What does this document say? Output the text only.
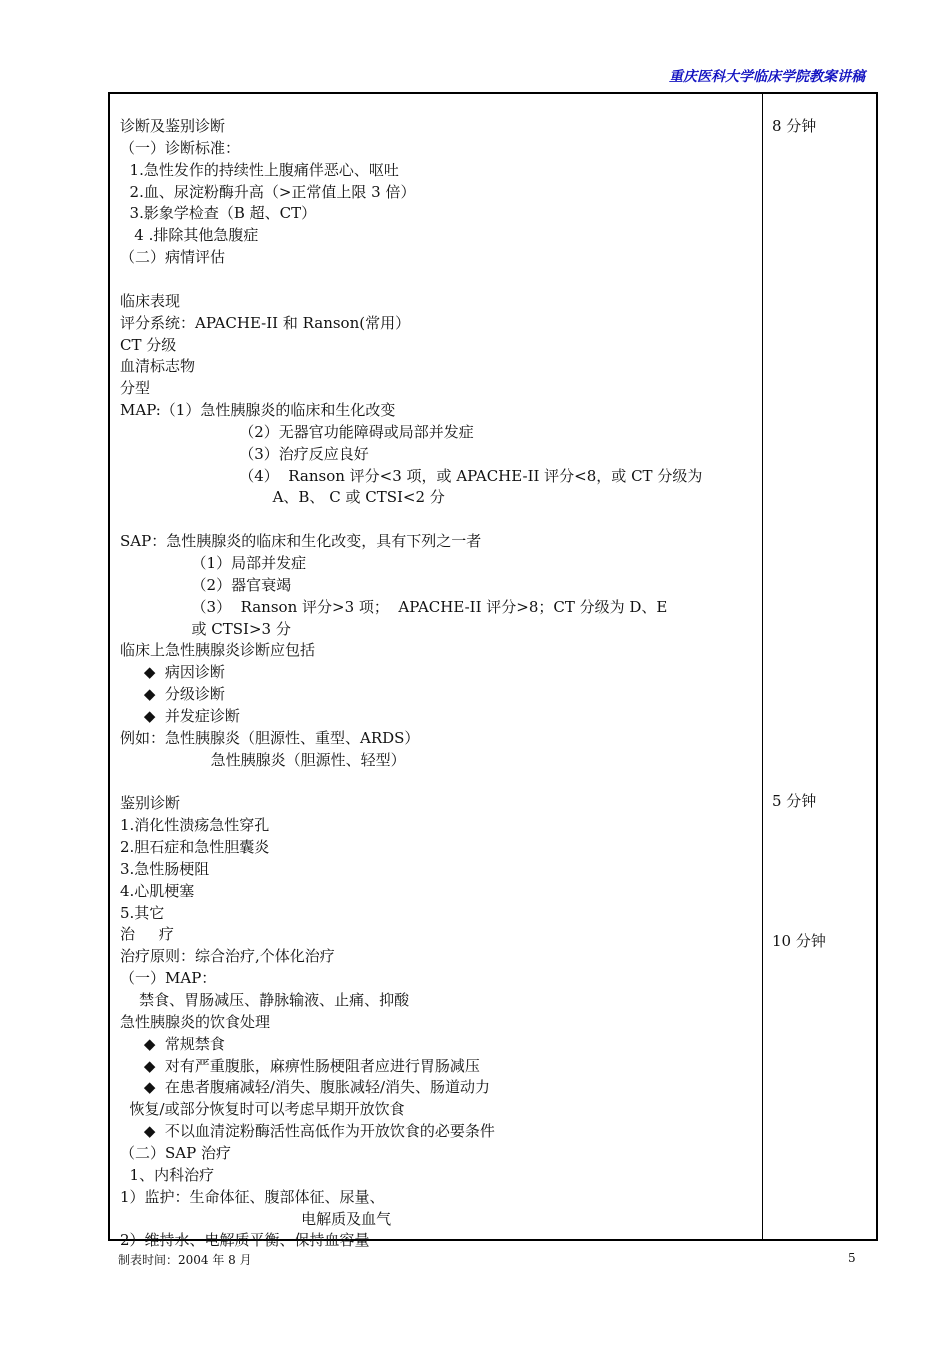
重庆医科大学临床学院教案讲稿
诊断及鉴别诊断
（一）诊断标准：
1.急性发作的持续性上腹痛伴恶心、呕吐
2.血、尿淀粉酶升高（>正常值上限 3 倍）
3.影象学检查（B 超、CT）
4 .排除其他急腹症
（二）病情评估
临床表现
评分系统：APACHE-II 和 Ranson(常用）
CT 分级
血清标志物
分型
MAP:（1）急性胰腺炎的临床和生化改变
（2）无器官功能障碍或局部并发症
（3）治疗反应良好
（4）  Ranson 评分<3 项，或 APACHE-II 评分<8，或 CT 分级为
A、B、 C 或 CTSI<2 分
SAP：急性胰腺炎的临床和生化改变，具有下列之一者
（1）局部并发症
（2）器官衰竭
（3）  Ranson 评分>3 项；  APACHE-II 评分>8；CT 分级为 D、E
或 CTSI>3 分
临床上急性胰腺炎诊断应包括
◆  病因诊断
◆  分级诊断
◆  并发症诊断
例如：急性胰腺炎（胆源性、重型、ARDS）
急性胰腺炎（胆源性、轻型）
鉴别诊断
1.消化性溃疡急性穿孔
2.胆石症和急性胆囊炎
3.急性肠梗阻
4.心肌梗塞
5.其它
治     疗
治疗原则：综合治疗,个体化治疗
（一）MAP：
禁食、胃肠减压、静脉输液、止痛、抑酸
急性胰腺炎的饮食处理
◆  常规禁食
◆  对有严重腹胀，麻痹性肠梗阻者应进行胃肠减压
◆  在患者腹痛减轻/消失、腹胀减轻/消失、肠道动力
恢复/或部分恢复时可以考虑早期开放饮食
◆  不以血清淀粉酶活性高低作为开放饮食的必要条件
（二）SAP 治疗
1、内科治疗
1）监护：生命体征、腹部体征、尿量、
电解质及血气
2）维持水、电解质平衡、保持血容量
8 分钟
5 分钟
10 分钟
制表时间：2004 年 8 月	5
